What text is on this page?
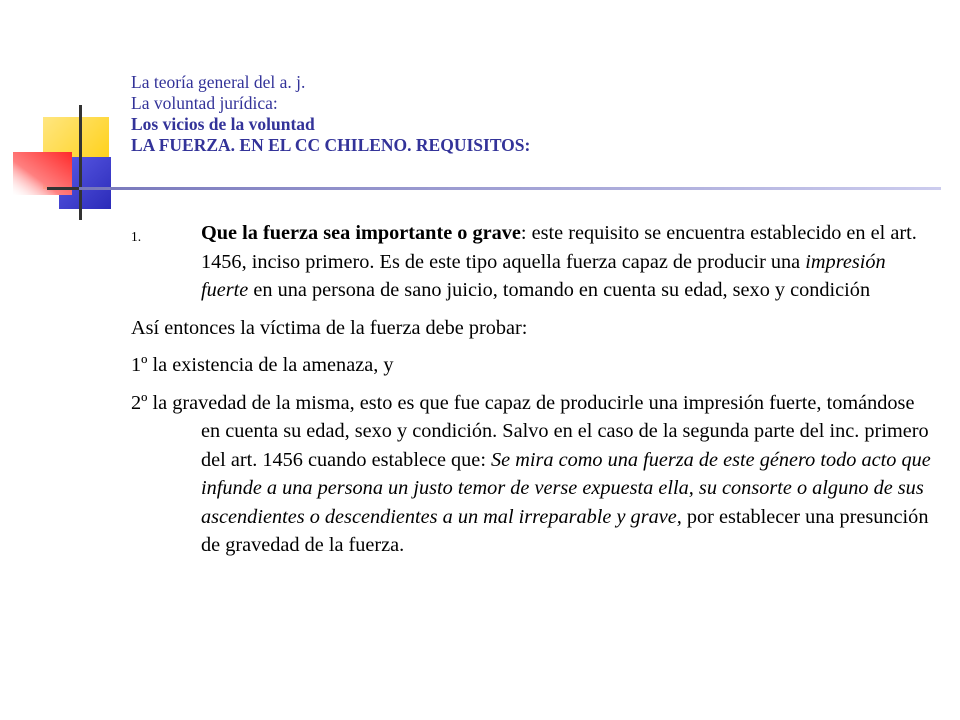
La teoría general del a. j.
La voluntad jurídica:
Los vicios de la voluntad
LA FUERZA. EN EL CC CHILENO. REQUISITOS:
1.	Que la fuerza sea importante o grave: este requisito se encuentra establecido en el art. 1456, inciso primero. Es de este tipo aquella fuerza capaz de producir una impresión fuerte en una persona de sano juicio, tomando en cuenta su edad, sexo y condición
Así entonces la víctima de la fuerza debe probar:
1º la existencia de la amenaza, y
2º la gravedad de la misma, esto es que fue capaz de producirle una impresión fuerte, tomándose en cuenta su edad, sexo y condición. Salvo en el caso de la segunda parte del inc. primero del art. 1456 cuando establece que: Se mira como una fuerza de este género todo acto que infunde a una persona un justo temor de verse expuesta ella, su consorte o alguno de sus ascendientes o descendientes a un mal irreparable y grave, por establecer una presunción de gravedad de la fuerza.
